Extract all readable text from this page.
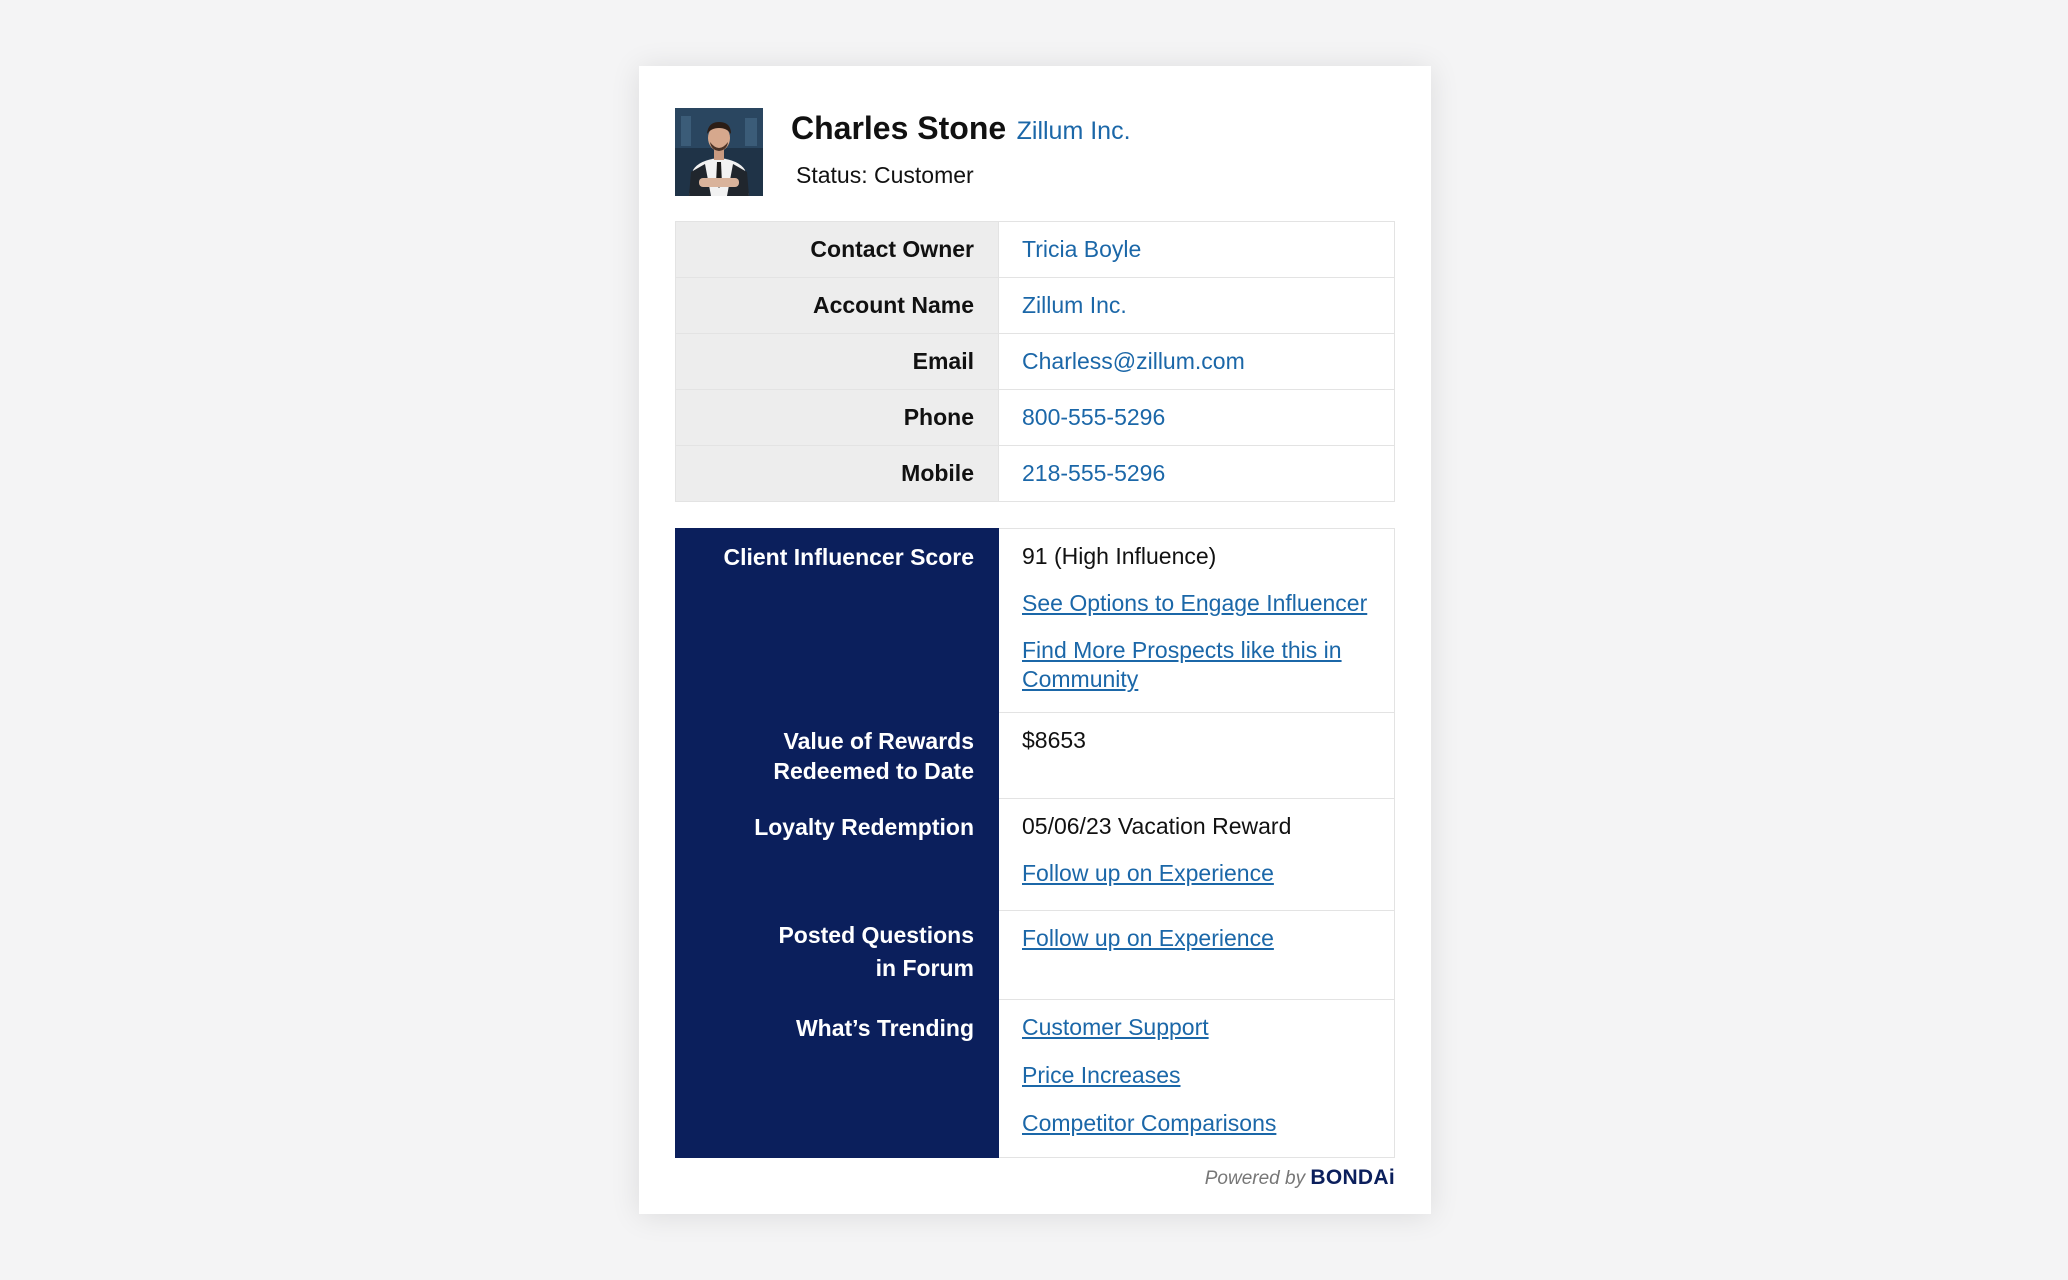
Charles Stone Zillum Inc.
Status: Customer
Contact Owner	Tricia Boyle
Account Name	Zillum Inc.
Email	Charless@zillum.com
Phone	800-555-5296
Mobile	218-555-5296
Client Influencer Score	91 (High Influence)
See Options to Engage Influencer
Find More Prospects like this in Community

Value of Rewards
Redeemed to Date	$8653

Loyalty Redemption	05/06/23 Vacation Reward
Follow up on Experience

Posted Questions
in Forum	Follow up on Experience

What’s Trending	Customer Support
Price Increases
Competitor Comparisons
Powered by BONDAi
